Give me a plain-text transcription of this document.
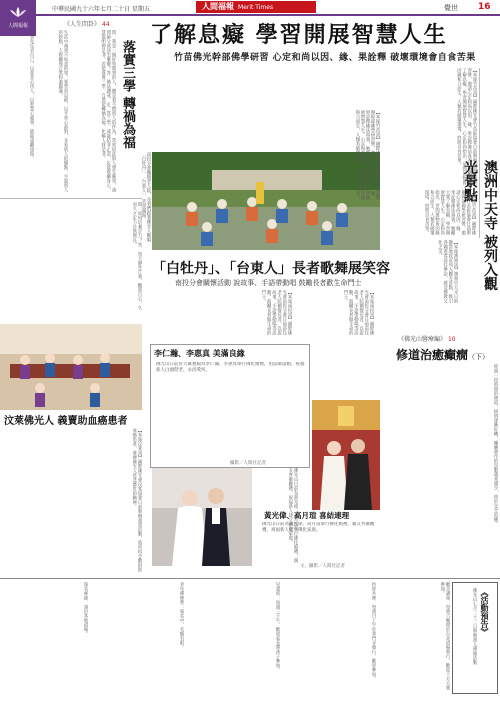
人間福報
中華民國九十六年七月二十日 星期五	人間福報 Merit Times	覺世 16
了解息癡 學習開展智慧人生
竹苗佛光幹部佛學研習 心定和尚以因、緣、果詮釋 破壞環境會自食苦果
【本報竹苗訊】國際佛光會竹苗區協會日前舉辦幹部佛學研習營，邀請心定和尚以因、緣、果詮釋佛法真義，勉勵大眾了解息癡，學習開展智慧人生。心定和尚指出，世間萬物皆因緣和合而生，人類若破壞環境，終將自食苦果。
【本報竹苗訊】國際佛光會竹苗區協會日前舉辦幹部佛學研習營，邀請心定和尚以因、緣、果詮釋佛法真義，勉勵大眾了解息癡，學習開展智慧人生。心定和尚指出，世間萬物皆因緣和合而生，人類若破壞環境，終將自食苦果。
《人生問卦》 44
落實三學 轉禍為福
問：我是一個好管閒事的人，總是看不慣別人的作為，常常因此與人發生衝突，請問師父我該怎麼辦？答：佛法講戒、定、慧三學，戒能防非止惡，定能收攝身心，慧能明辨是非。若能落實三學，自然能轉禍為福，化解人我是非。
生活中遇到不如意的事，要學習忍耐，以平常心面對，多看別人的優點，少說別人的缺點，人際關係自然和諧圓滿。
凡事先反省自己，以慈悲心待人，以智慧心處事，就能遠離煩惱。
問：如何培養定力？答：每天靜坐片刻，觀照自心，久而久之定力自然增長。	南投分會關懷老人院，長者們跟著佛光人歡唱「白牡丹」、「台東人」，笑容滿面。	【本報竹苗訊】國際佛光會竹苗區協會日前舉辦幹部佛學研習營，邀請心定和尚以因、緣、果詮釋佛法真義，勉勵大眾了解息癡，學習開展智慧人生。心定和尚指出，世間萬物皆因緣和合而生，人類若破壞環境，終將自食苦果。
「白牡丹」、「台東人」長者歌舞展笑容
南投分會關懷活動 說故事、手語帶動唱 鼓勵長者歡生命鬥士
【本報南投訊】國際佛光會南投分會日前前往老人院關懷長者，以說故事、手語帶動唱等活動，鼓勵長者做生命的鬥士。	【本報南投訊】國際佛光會南投分會日前前往老人院關懷長者，以說故事、手語帶動唱等活動，鼓勵長者做生命的鬥士。
澳洲中天寺 被列入觀光景點
【本報澳洲訊】澳洲中天寺日前獲當地政府列入觀光景點，吸引各國遊客前往參訪，感受佛教文化之美。
《佛光山醫療編》 10
修道治癒癲癇（下）
經過一段時間的修道，病情逐漸好轉，癲癇發作的次數越來越少，終於完全治癒。
汶萊佛光人 義賣助血癌患者
【本報汶萊訊】國際佛光會汶萊協會日前舉辦義賣活動，將所得全數捐助血癌患者，發揮佛光人慈悲濟世的精神。
李仁瀚、李惠真 美滿良緣
佛光山日前於大雄寶殿為李仁瀚、李惠真舉行佛化婚禮，由法師證婚，祝福新人白頭偕老、永浴愛河。
攝影／人間社記者
佛光山日前為黃光偉、高月瑄舉行佛化婚禮，親友齊聚觀禮，祝福新人建立佛化家庭。
黃光偉、高月瑄 喜結連理
佛光山日前為黃光偉、高月瑄舉行佛化婚禮，親友齊聚觀禮，祝福新人建立佛化家庭。
文、攝影／人間社記者
報名專線：請洽各地道場。	青年禪修營：報名中，名額有限。	兒童班：每週三下午，歡迎家長帶孩子參加。	抄經共修：每週日上午於普門寺舉行，歡迎參加。	觀音講座：每週六晚間於台北道場舉行，歡迎十方大眾參加。	《活動預告》
佛光山七月二十二日舉辦萬人禪修活動
